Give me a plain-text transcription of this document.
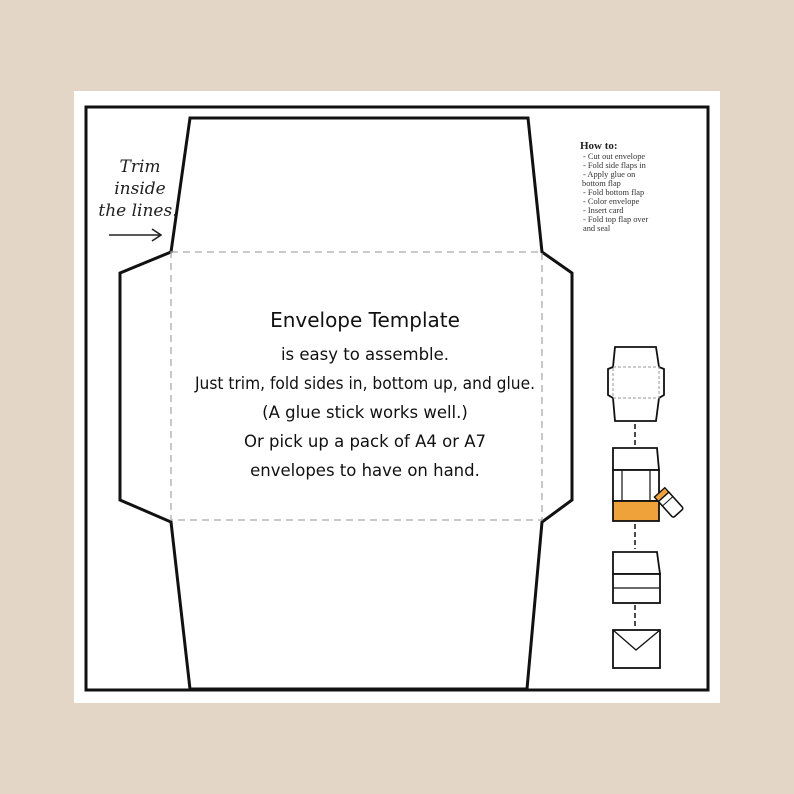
Trim
inside
the lines.
Envelope Template
is easy to assemble.
Just trim, fold sides in, bottom up, and glue.
(A glue stick works well.)
Or pick up a pack of A4 or A7
envelopes to have on hand.
How to:
- Cut out envelope
- Fold side flaps in
- Apply glue on
bottom flap
- Fold bottom flap
- Color envelope
- Insert card
- Fold top flap over
and seal
